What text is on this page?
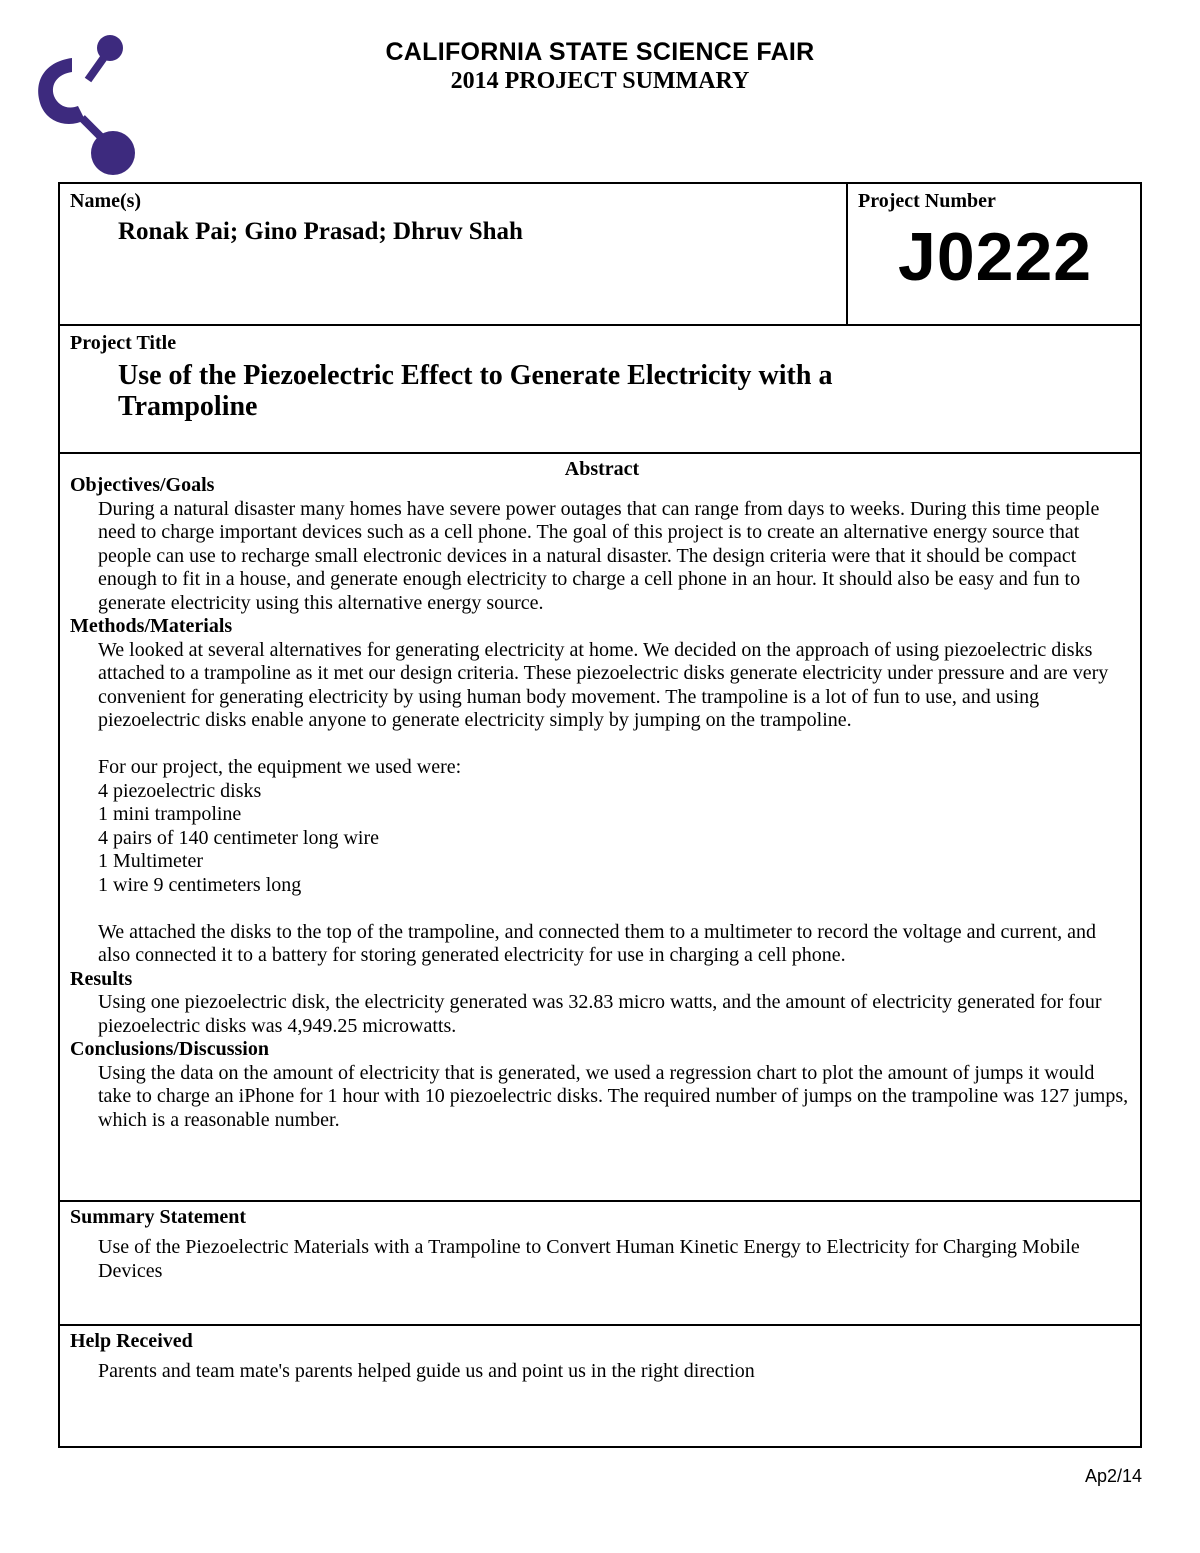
CALIFORNIA STATE SCIENCE FAIR
2014 PROJECT SUMMARY
Name(s)
Ronak Pai; Gino Prasad; Dhruv Shah
Project Number
J0222
Project Title
Use of the Piezoelectric Effect to Generate Electricity with a
Trampoline
Abstract
Objectives/Goals

During a natural disaster many homes have severe power outages that can range from days to weeks. During this time people need to charge important devices such as a cell phone. The goal of this project is to create an alternative energy source that people can use to recharge small electronic devices in a natural disaster. The design criteria were that it should be compact enough to fit in a house, and generate enough electricity to charge a cell phone in an hour. It should also be easy and fun to generate electricity using this alternative energy source.

Methods/Materials

We looked at several alternatives for generating electricity at home. We decided on the approach of using piezoelectric disks attached to a trampoline as it met our design criteria. These piezoelectric disks generate electricity under pressure and are very convenient for generating electricity by using human body movement. The trampoline is a lot of fun to use, and using piezoelectric disks enable anyone to generate electricity simply by jumping on the trampoline.

For our project, the equipment we used were:

4 piezoelectric disks
1 mini trampoline
4 pairs of 140 centimeter long wire
1 Multimeter
1 wire 9 centimeters long

We attached the disks to the top of the trampoline, and connected them to a multimeter to record the voltage and current, and also connected it to a battery for storing generated electricity for use in charging a cell phone.

Results

Using one piezoelectric disk, the electricity generated was 32.83 micro watts, and the amount of electricity generated for four piezoelectric disks was 4,949.25 microwatts.

Conclusions/Discussion

Using the data on the amount of electricity that is generated, we used a regression chart to plot the amount of jumps it would take to charge an iPhone for 1 hour with 10 piezoelectric disks. The required number of jumps on the trampoline was 127 jumps, which is a reasonable number.

Summary Statement
Use of the Piezoelectric Materials with a Trampoline to Convert Human Kinetic Energy to Electricity for Charging Mobile Devices
Help Received
Parents and team mate's parents helped guide us and point us in the right direction
Ap2/14
